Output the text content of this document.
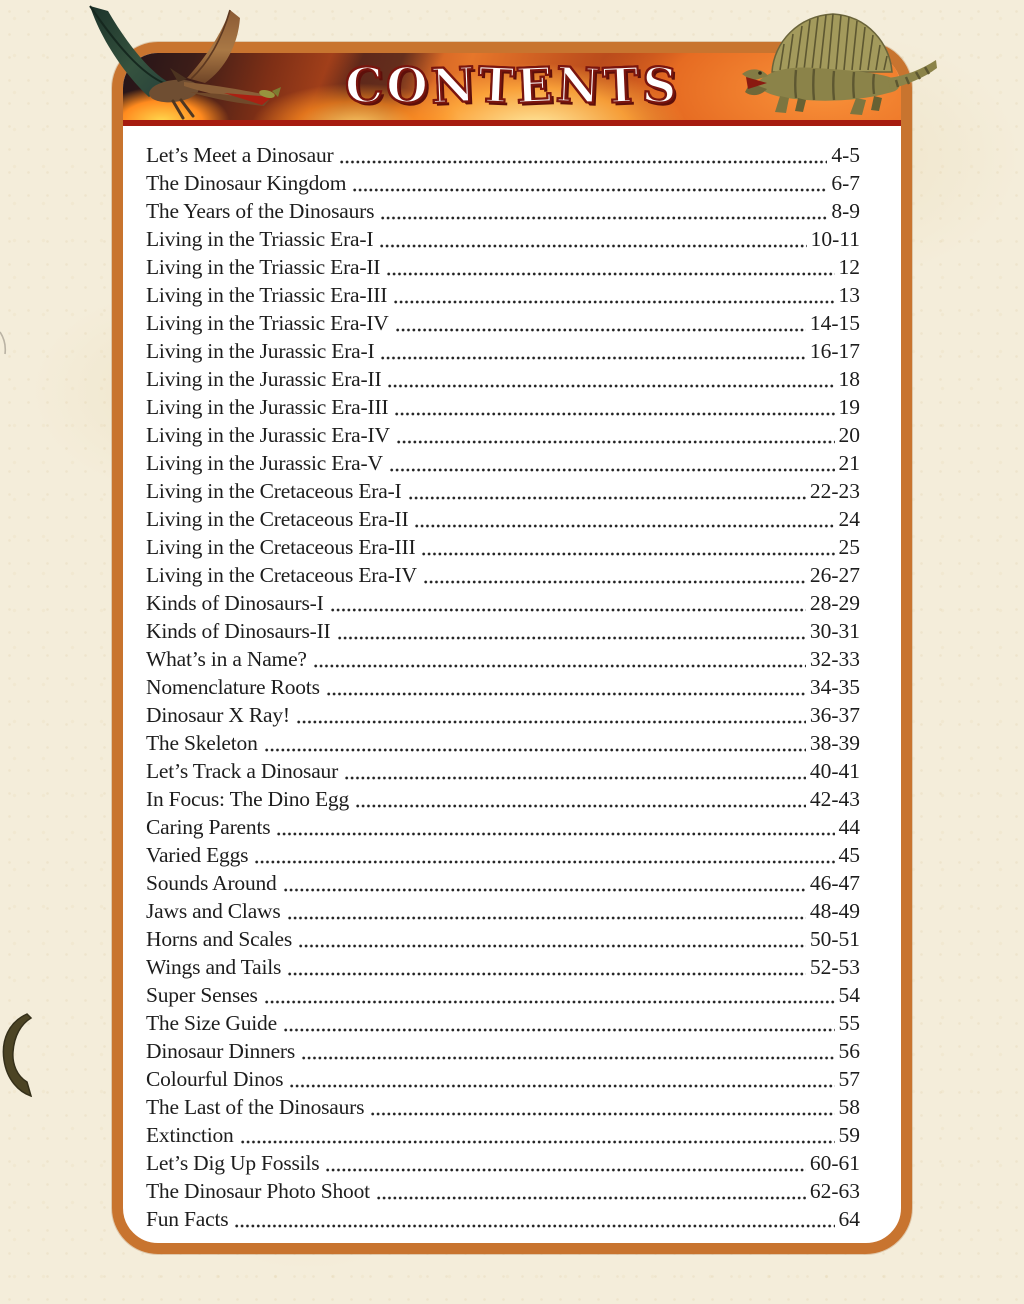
C
O
N
T
E
N
T
S
Let’s Meet a Dinosaur	4-5
The Dinosaur Kingdom	6-7
The Years of the Dinosaurs	8-9
Living in the Triassic Era-I	10-11
Living in the Triassic Era-II	12
Living in the Triassic Era-III	13
Living in the Triassic Era-IV	14-15
Living in the Jurassic Era-I	16-17
Living in the Jurassic Era-II	18
Living in the Jurassic Era-III	19
Living in the Jurassic Era-IV	20
Living in the Jurassic Era-V	21
Living in the Cretaceous Era-I	22-23
Living in the Cretaceous Era-II	24
Living in the Cretaceous Era-III	25
Living in the Cretaceous Era-IV	26-27
Kinds of Dinosaurs-I	28-29
Kinds of Dinosaurs-II	30-31
What’s in a Name?	32-33
Nomenclature Roots	34-35
Dinosaur X Ray!	36-37
The Skeleton	38-39
Let’s Track a Dinosaur	40-41
In Focus: The Dino Egg	42-43
Caring Parents	44
Varied Eggs	45
Sounds Around	46-47
Jaws and Claws	48-49
Horns and Scales	50-51
Wings and Tails	52-53
Super Senses	54
The Size Guide	55
Dinosaur Dinners	56
Colourful Dinos	57
The Last of the Dinosaurs	58
Extinction	59
Let’s Dig Up Fossils	60-61
The Dinosaur Photo Shoot	62-63
Fun Facts	64
